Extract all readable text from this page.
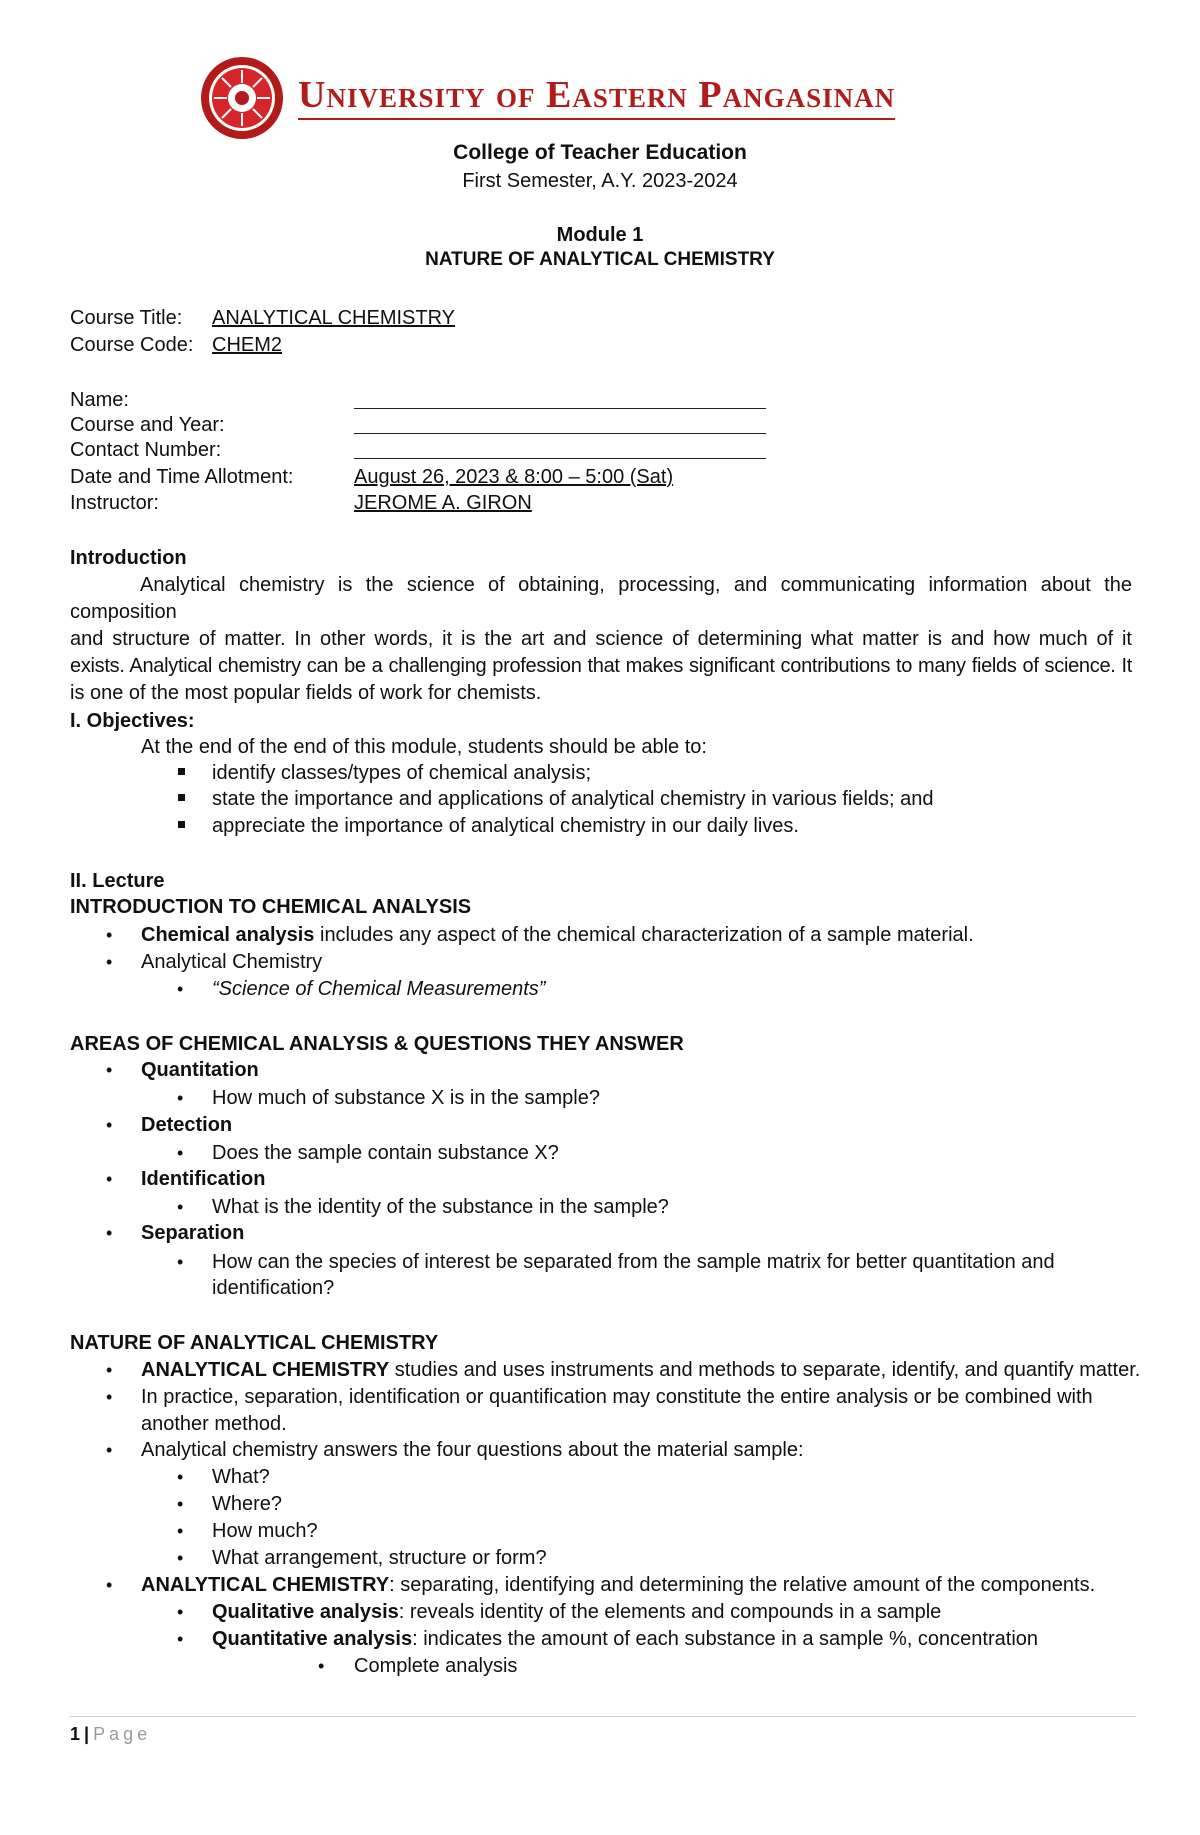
University of Eastern Pangasinan
College of Teacher Education
First Semester, A.Y. 2023-2024
Module 1
NATURE OF ANALYTICAL CHEMISTRY
Course Title: ANALYTICAL CHEMISTRY
Course Code: CHEM2
Name:
Course and Year:
Contact Number:
Date and Time Allotment:	August 26, 2023 & 8:00 – 5:00 (Sat)
Instructor:	JEROME A. GIRON
Introduction
Analytical chemistry is the science of obtaining, processing, and communicating information about the composition
and structure of matter. In other words, it is the art and science of determining what matter is and how much of it
exists. Analytical chemistry can be a challenging profession that makes significant contributions to many fields of science. It
is one of the most popular fields of work for chemists.
I. Objectives:
At the end of the end of this module, students should be able to:
identify classes/types of chemical analysis;
state the importance and applications of analytical chemistry in various fields; and
appreciate the importance of analytical chemistry in our daily lives.
II. Lecture
INTRODUCTION TO CHEMICAL ANALYSIS
• Chemical analysis includes any aspect of the chemical characterization of a sample material.
• Analytical Chemistry
• “Science of Chemical Measurements”
AREAS OF CHEMICAL ANALYSIS & QUESTIONS THEY ANSWER
• Quantitation
• How much of substance X is in the sample?
• Detection
• Does the sample contain substance X?
• Identification
• What is the identity of the substance in the sample?
• Separation
• How can the species of interest be separated from the sample matrix for better quantitation and
identification?
NATURE OF ANALYTICAL CHEMISTRY
• ANALYTICAL CHEMISTRY studies and uses instruments and methods to separate, identify, and quantify matter.
• In practice, separation, identification or quantification may constitute the entire analysis or be combined with
another method.
• Analytical chemistry answers the four questions about the material sample:
• What?
• Where?
• How much?
• What arrangement, structure or form?
• ANALYTICAL CHEMISTRY: separating, identifying and determining the relative amount of the components.
• Qualitative analysis: reveals identity of the elements and compounds in a sample
• Quantitative analysis: indicates the amount of each substance in a sample %, concentration
• Complete analysis
1 | Page
